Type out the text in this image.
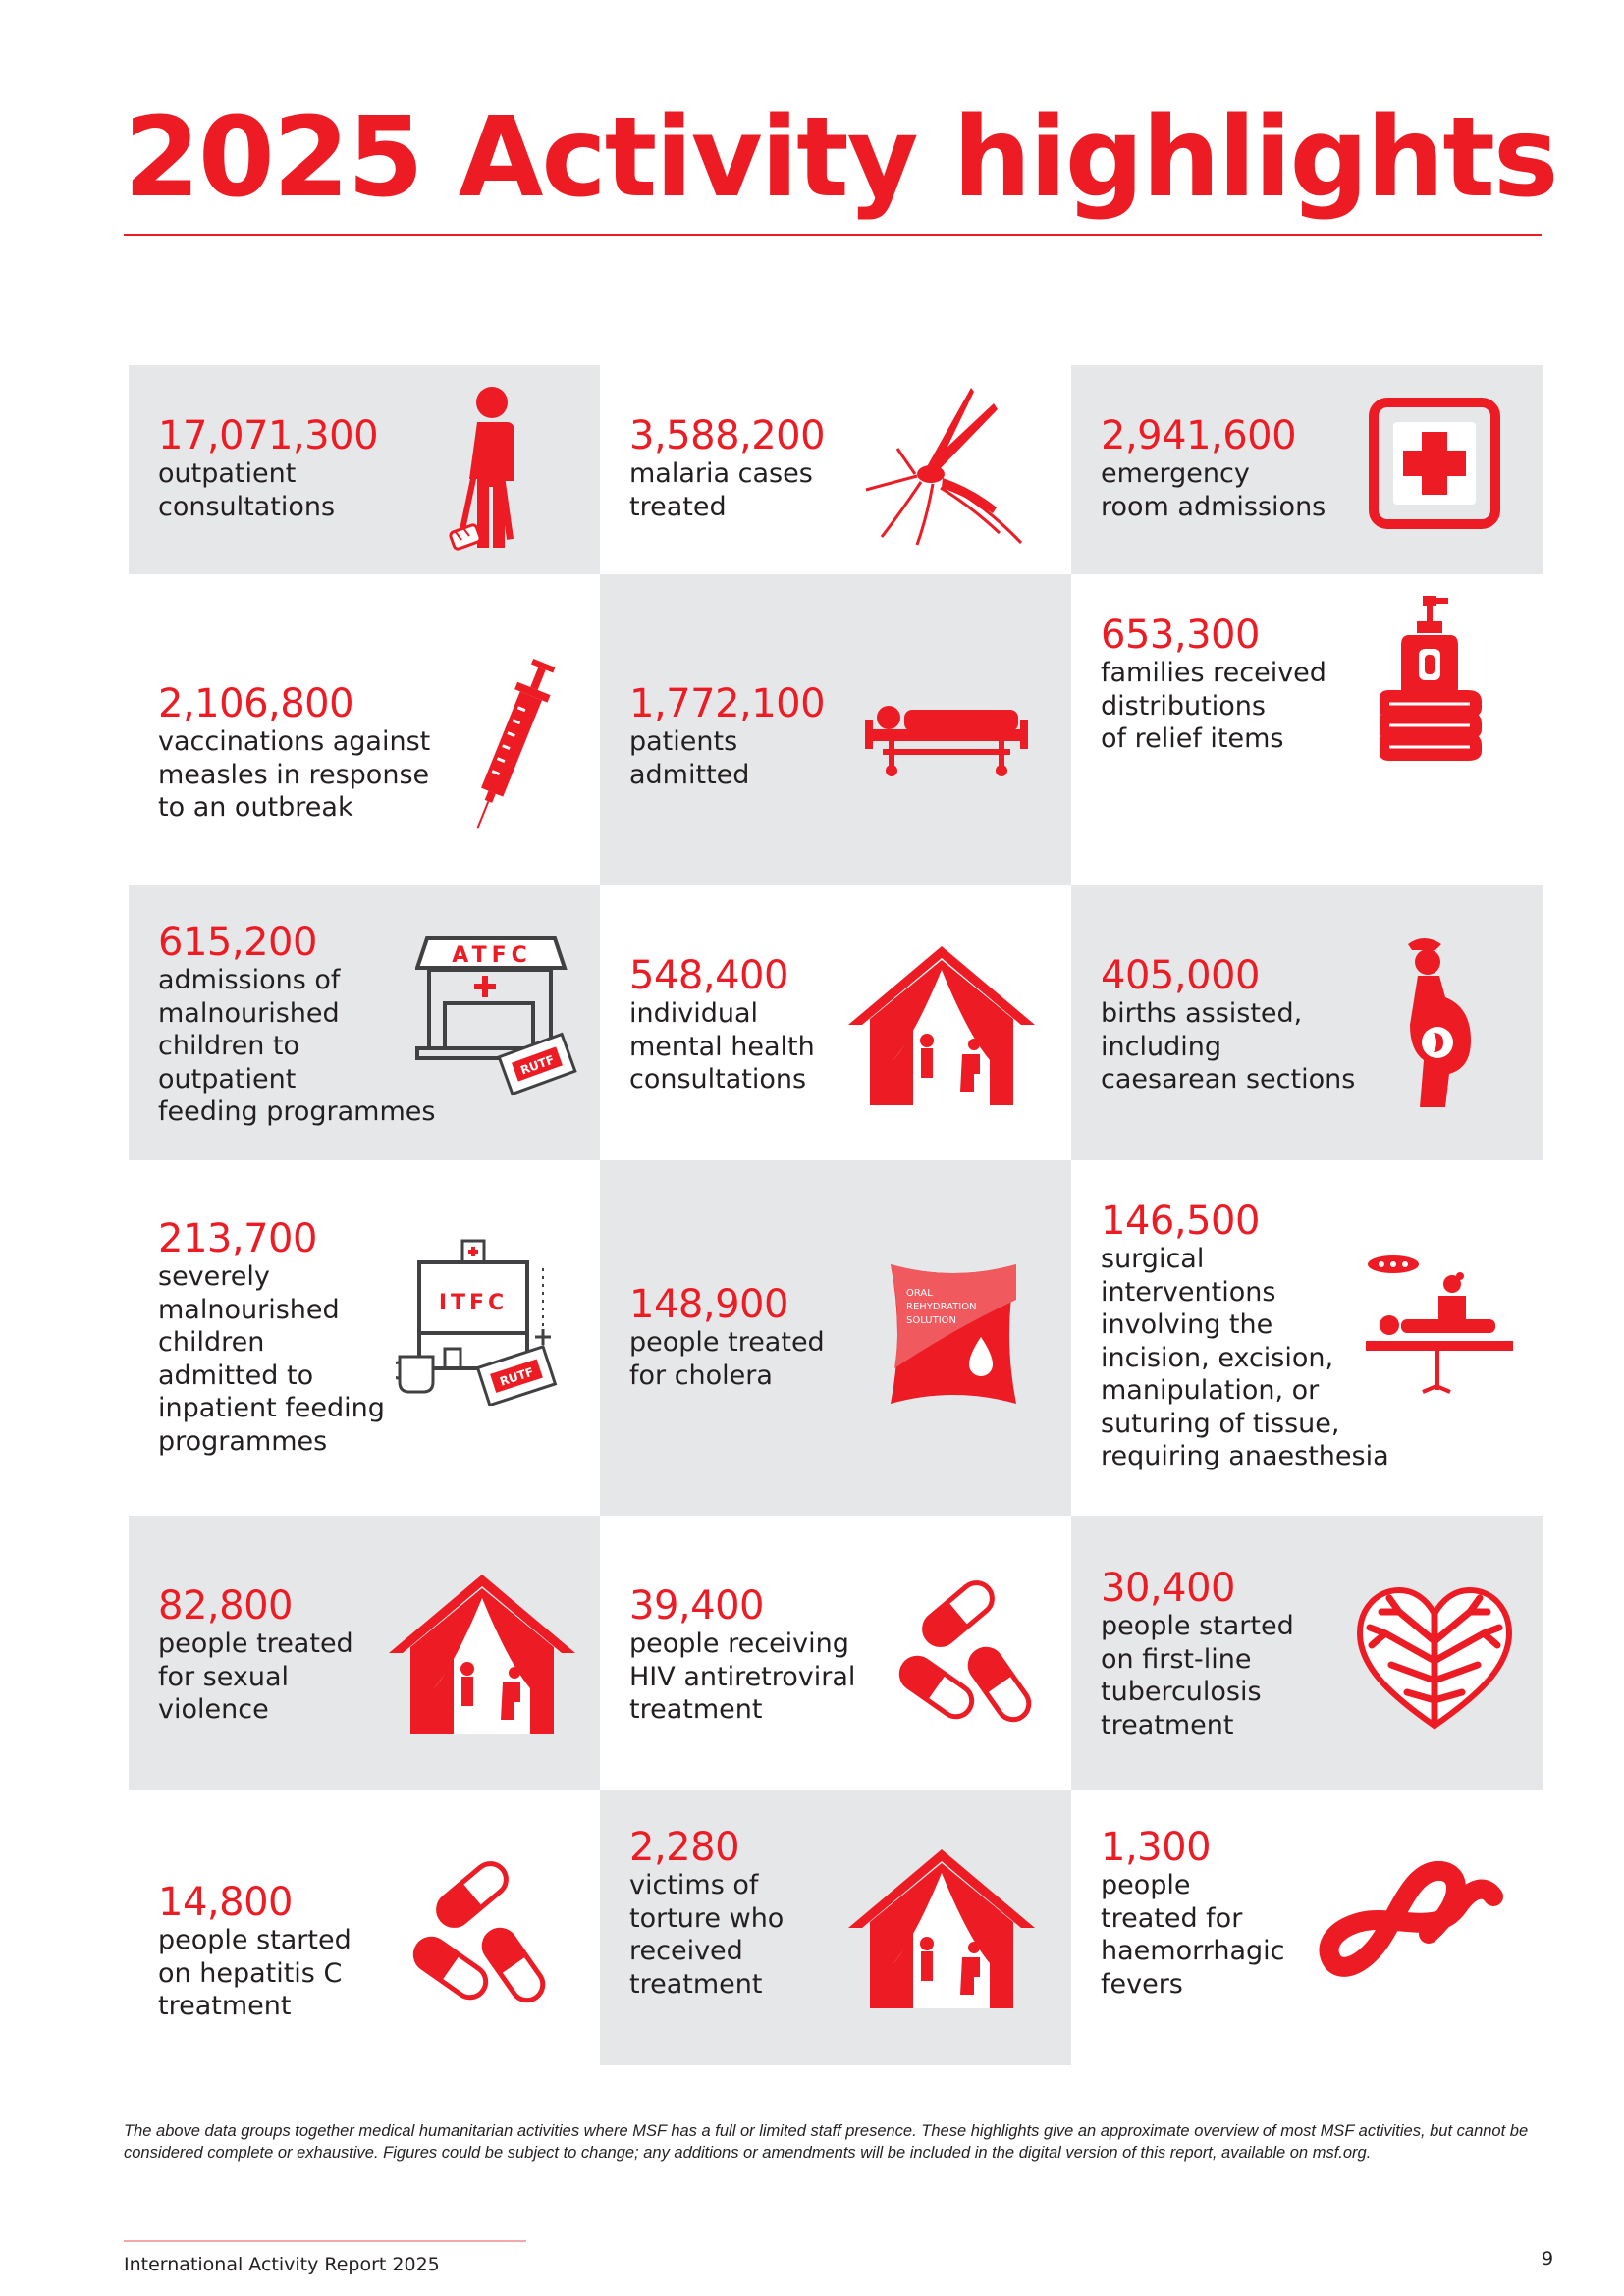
2025 Activity highlights
17,071,300
outpatient
consultations
3,588,200
malaria cases
treated
2,941,600
emergency
room admissions
2,106,800
vaccinations against
measles in response
to an outbreak
1,772,100
patients
admitted
653,300
families received
distributions
of relief items
615,200
admissions of
malnourished
children to
outpatient
feeding programmes
ATFC
RUTF
548,400
individual
mental health
consultations
405,000
births assisted,
including
caesarean sections
213,700
severely
malnourished
children
admitted to
inpatient feeding
programmes
ITFC
RUTF
148,900
people treated
for cholera
ORAL
REHYDRATION
SOLUTION
146,500
surgical
interventions
involving the
incision, excision,
manipulation, or
suturing of tissue,
requiring anaesthesia
82,800
people treated
for sexual
violence
39,400
people receiving
HIV antiretroviral
treatment
30,400
people started
on first-line
tuberculosis
treatment
14,800
people started
on hepatitis C
treatment
2,280
victims of
torture who
received
treatment
1,300
people
treated for
haemorrhagic
fevers

The above data groups together medical humanitarian activities where MSF has a full or limited staff presence. These highlights give an approximate overview of most MSF activities, but cannot be considered complete or exhaustive. Figures could be subject to change; any additions or amendments will be included in the digital version of this report, available on msf.org.

International Activity Report 2025	9
